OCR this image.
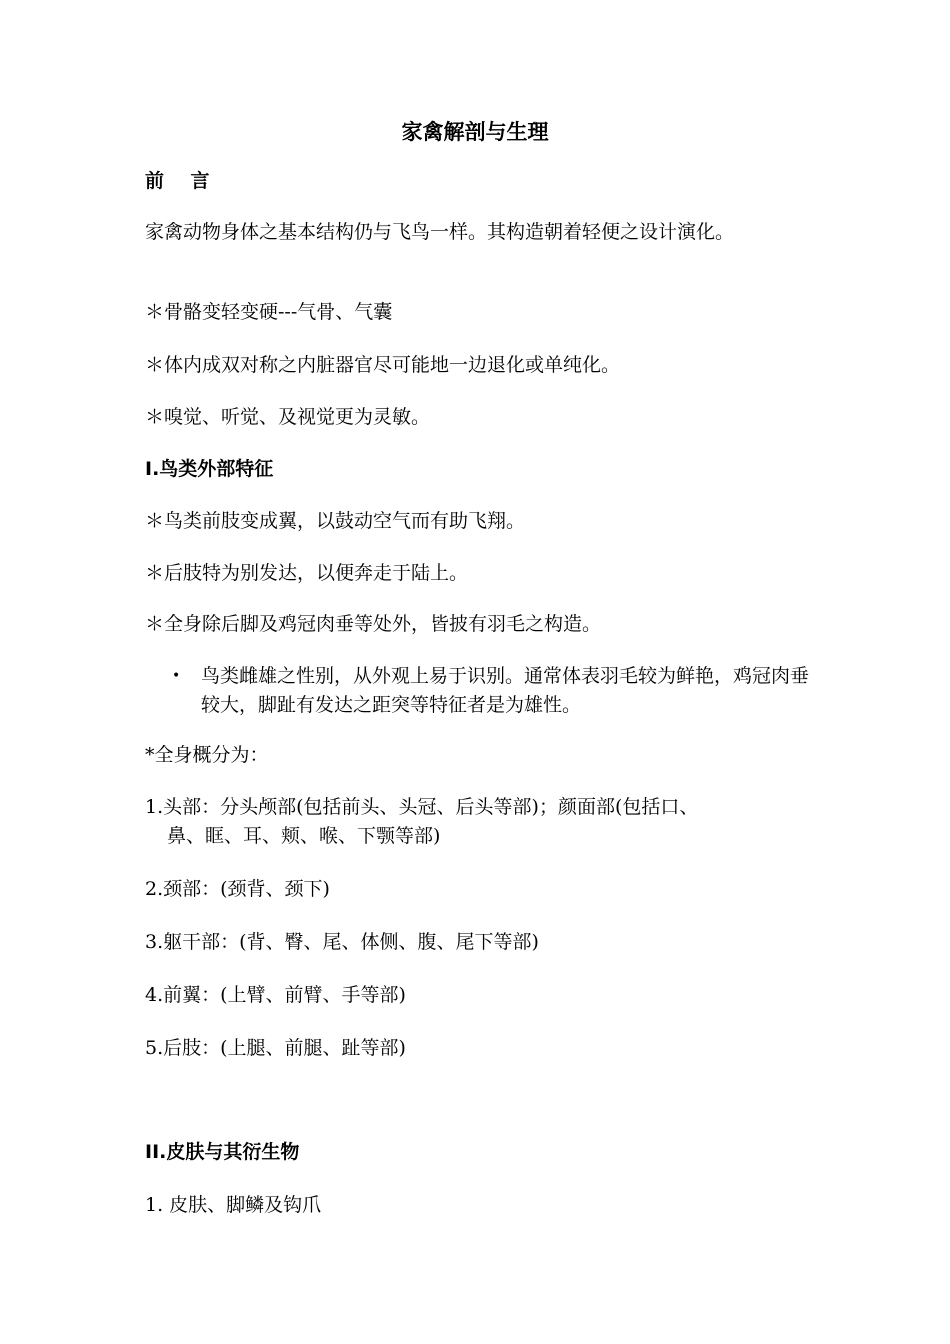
家禽解剖与生理
前    言
家禽动物身体之基本结构仍与飞鸟一样。其构造朝着轻便之设计演化。
＊骨骼变轻变硬---气骨、气囊
＊体内成双对称之内脏器官尽可能地一边退化或单纯化。
＊嗅觉、听觉、及视觉更为灵敏。
I.鸟类外部特征
＊鸟类前肢变成翼，以鼓动空气而有助飞翔。
＊后肢特为别发达，以便奔走于陆上。
＊全身除后脚及鸡冠肉垂等处外，皆披有羽毛之构造。
• 鸟类雌雄之性别，从外观上易于识别。通常体表羽毛较为鲜艳，鸡冠肉垂较大，脚趾有发达之距突等特征者是为雄性。
*全身概分为：
1.头部：分头颅部(包括前头、头冠、后头等部)；颜面部(包括口、
鼻、眶、耳、颊、喉、下颚等部)
2.颈部：(颈背、颈下)
3.躯干部：(背、臀、尾、体侧、腹、尾下等部)
4.前翼：(上臂、前臂、手等部)
5.后肢：(上腿、前腿、趾等部)
II.皮肤与其衍生物
1. 皮肤、脚鳞及钩爪
